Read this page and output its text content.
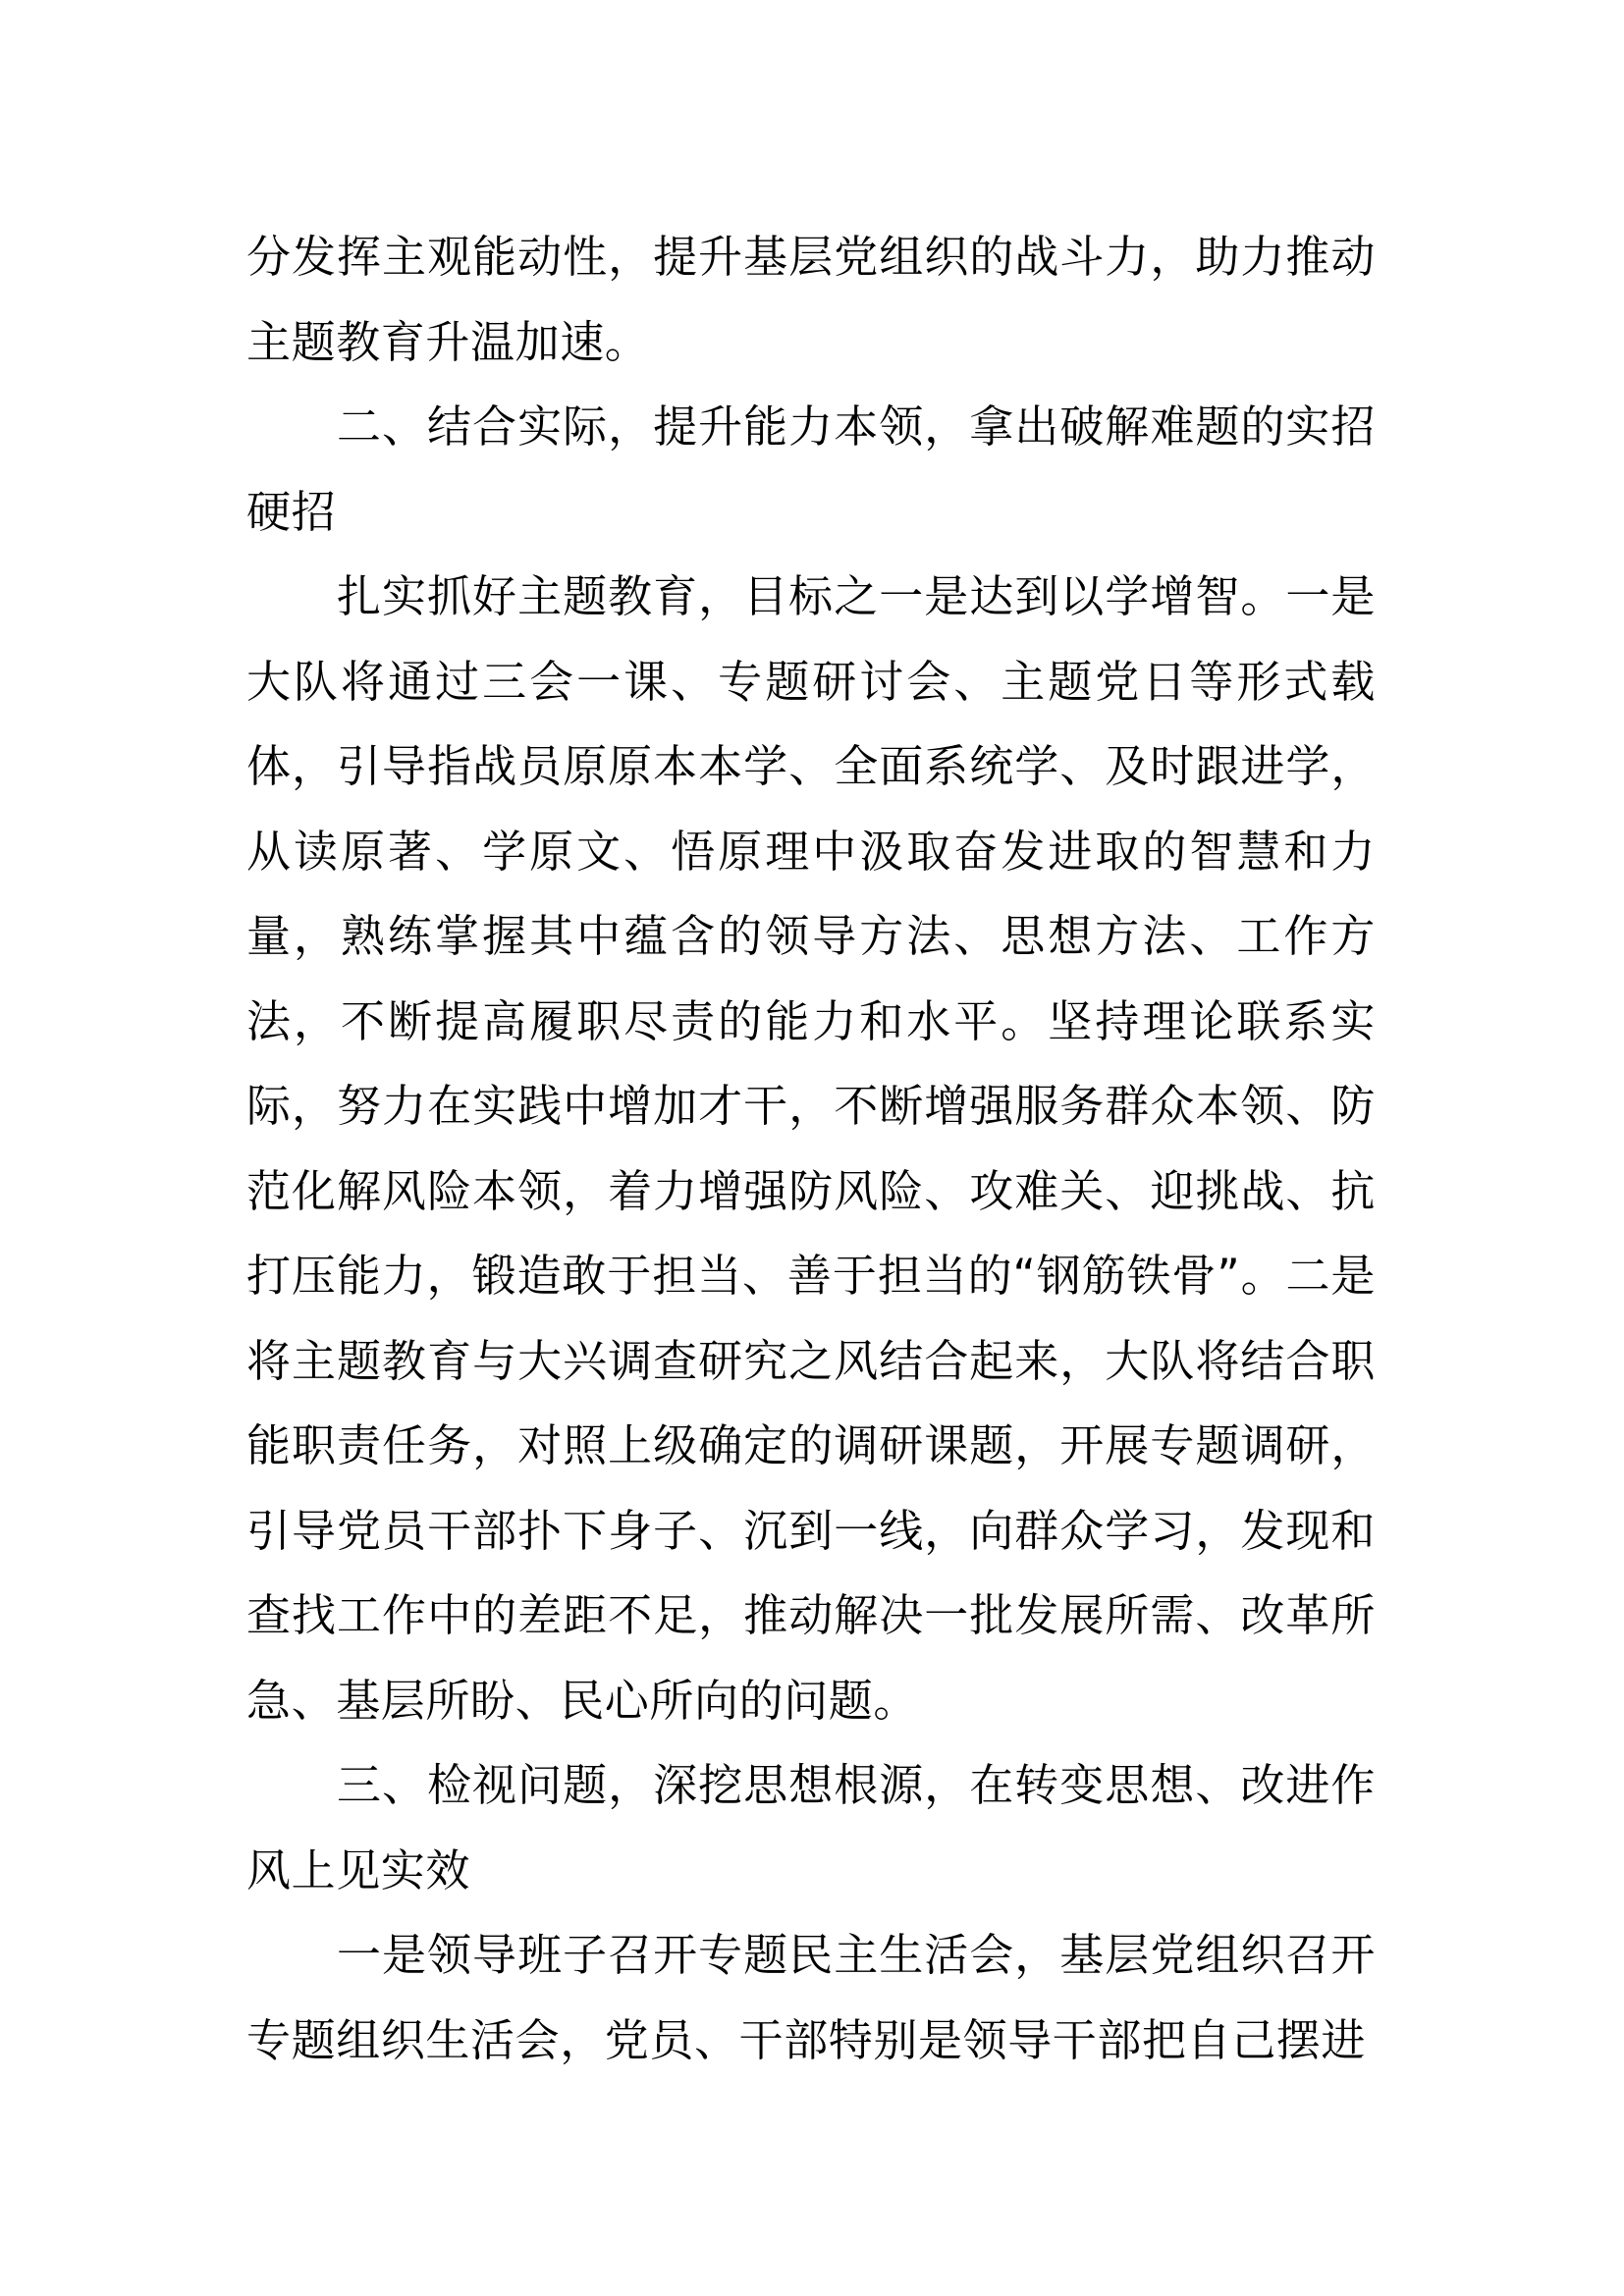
分发挥主观能动性，提升基层党组织的战斗力，助力推动主题教育升温加速。

二、结合实际，提升能力本领，拿出破解难题的实招硬招

扎实抓好主题教育，目标之一是达到以学增智。一是大队将通过三会一课、专题研讨会、主题党日等形式载体，引导指战员原原本本学、全面系统学、及时跟进学，从读原著、学原文、悟原理中汲取奋发进取的智慧和力量，熟练掌握其中蕴含的领导方法、思想方法、工作方法，不断提高履职尽责的能力和水平。坚持理论联系实际，努力在实践中增加才干，不断增强服务群众本领、防范化解风险本领，着力增强防风险、攻难关、迎挑战、抗打压能力，锻造敢于担当、善于担当的“钢筋铁骨”。二是将主题教育与大兴调查研究之风结合起来，大队将结合职能职责任务，对照上级确定的调研课题，开展专题调研，引导党员干部扑下身子、沉到一线，向群众学习，发现和查找工作中的差距不足，推动解决一批发展所需、改革所急、基层所盼、民心所向的问题。

三、检视问题，深挖思想根源，在转变思想、改进作风上见实效

一是领导班子召开专题民主生活会，基层党组织召开专题组织生活会，党员、干部特别是领导干部把自己摆进
